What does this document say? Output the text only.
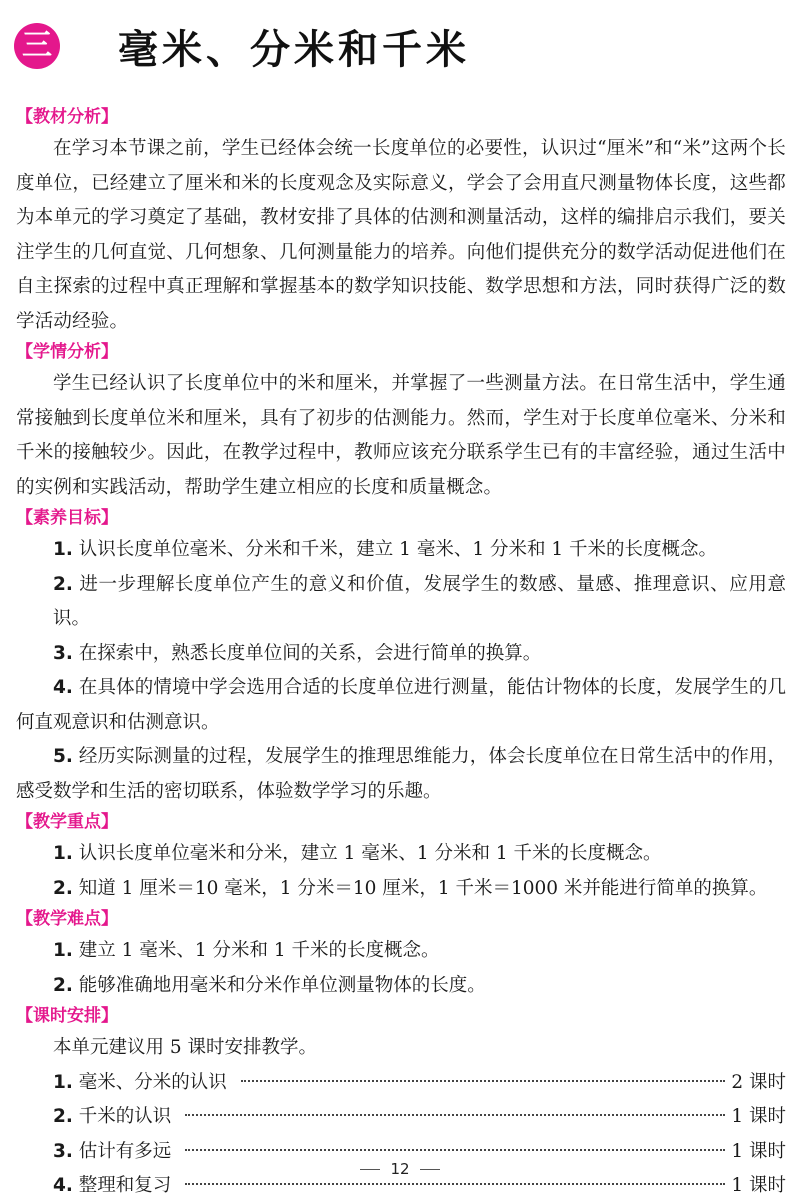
三 毫米、分米和千米
【教材分析】

在学习本节课之前，学生已经体会统一长度单位的必要性，认识过“厘米”和“米”这两个长度单位，已经建立了厘米和米的长度观念及实际意义，学会了会用直尺测量物体长度，这些都为本单元的学习奠定了基础，教材安排了具体的估测和测量活动，这样的编排启示我们，要关注学生的几何直觉、几何想象、几何测量能力的培养。向他们提供充分的数学活动促进他们在自主探索的过程中真正理解和掌握基本的数学知识技能、数学思想和方法，同时获得广泛的数学活动经验。

【学情分析】

学生已经认识了长度单位中的米和厘米，并掌握了一些测量方法。在日常生活中，学生通常接触到长度单位米和厘米，具有了初步的估测能力。然而，学生对于长度单位毫米、分米和千米的接触较少。因此，在教学过程中，教师应该充分联系学生已有的丰富经验，通过生活中的实例和实践活动，帮助学生建立相应的长度和质量概念。

【素养目标】

1. 认识长度单位毫米、分米和千米，建立 1 毫米、1 分米和 1 千米的长度概念。

2. 进一步理解长度单位产生的意义和价值，发展学生的数感、量感、推理意识、应用意识。

3. 在探索中，熟悉长度单位间的关系，会进行简单的换算。

4. 在具体的情境中学会选用合适的长度单位进行测量，能估计物体的长度，发展学生的几何直观意识和估测意识。

5. 经历实际测量的过程，发展学生的推理思维能力，体会长度单位在日常生活中的作用，感受数学和生活的密切联系，体验数学学习的乐趣。

【教学重点】

1. 认识长度单位毫米和分米，建立 1 毫米、1 分米和 1 千米的长度概念。

2. 知道 1 厘米＝10 毫米，1 分米＝10 厘米，1 千米＝1000 米并能进行简单的换算。

【教学难点】

1. 建立 1 毫米、1 分米和 1 千米的长度概念。

2. 能够准确地用毫米和分米作单位测量物体的长度。

【课时安排】

本单元建议用 5 课时安排教学。

1. 毫米、分米的认识	2 课时
2. 千米的认识	1 课时
3. 估计有多远	1 课时
4. 整理和复习	1 课时
12
